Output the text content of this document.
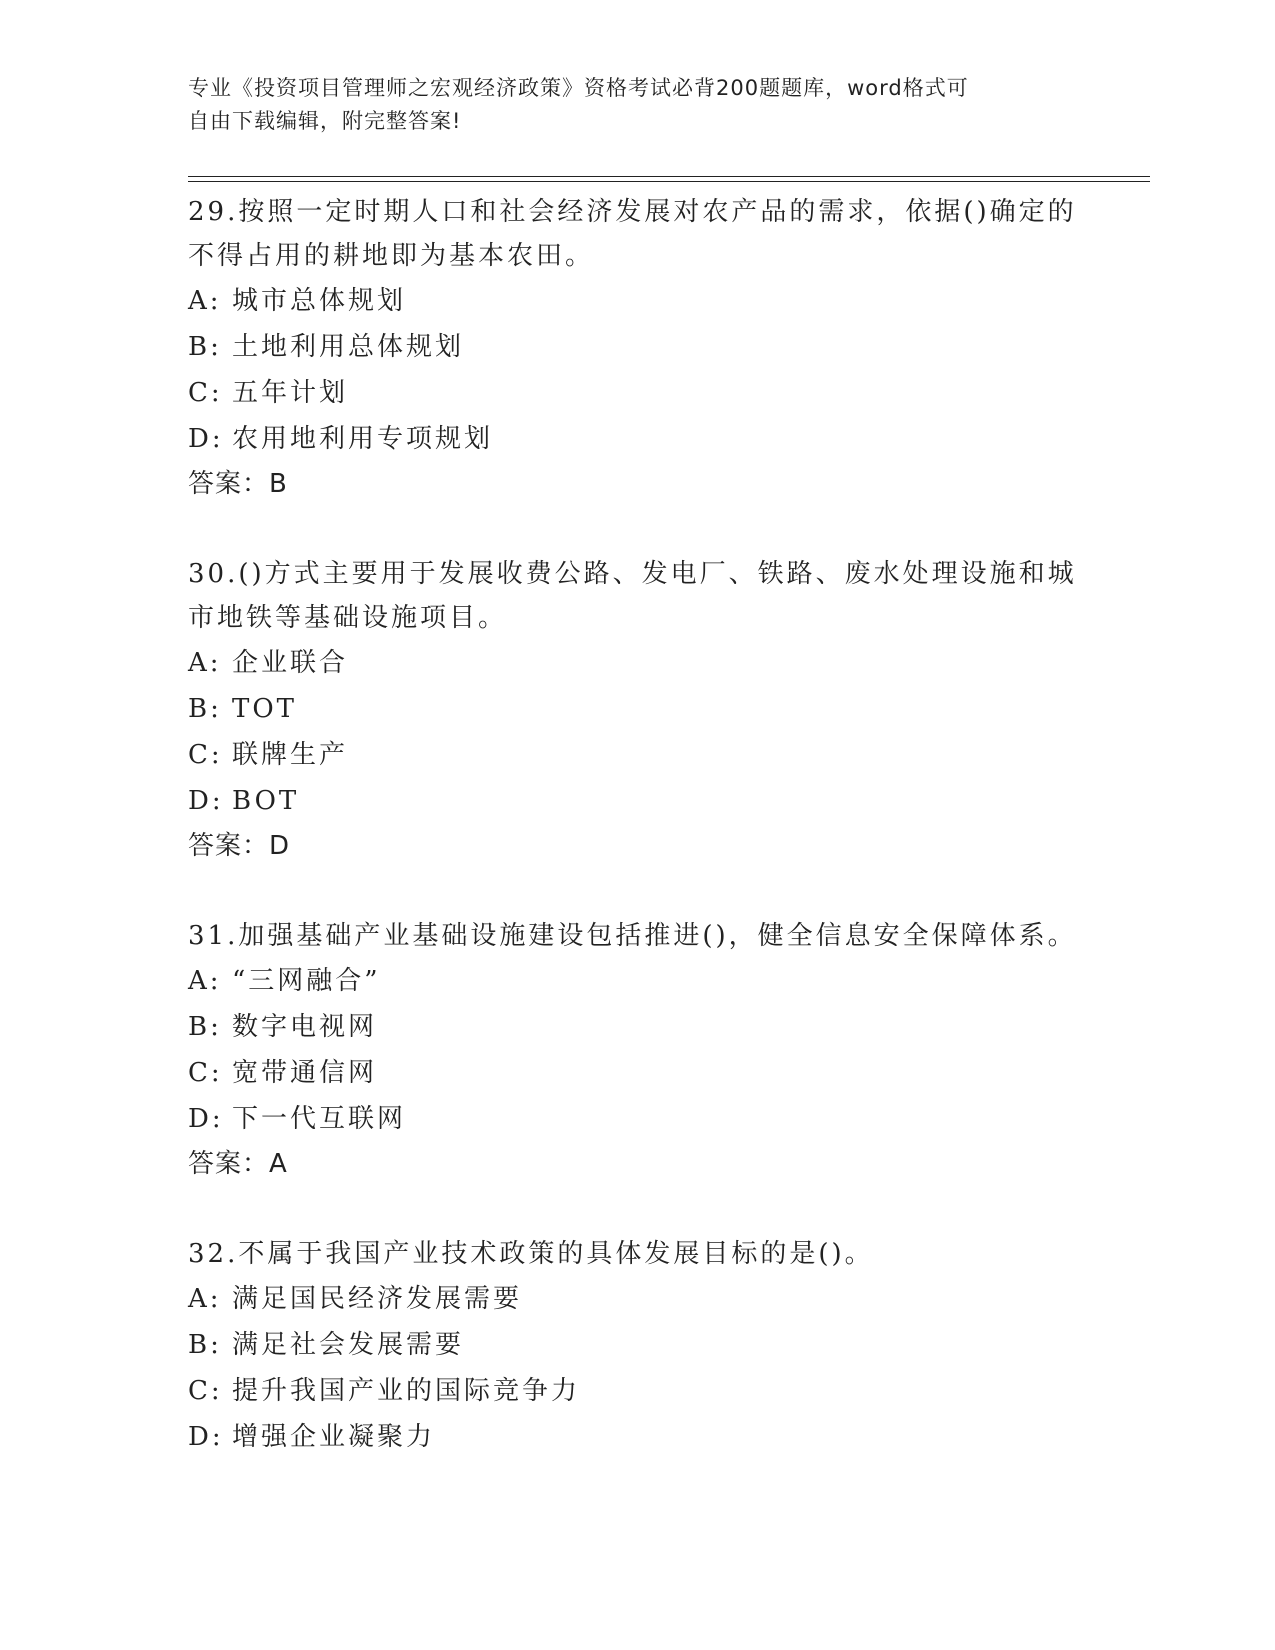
专业《投资项目管理师之宏观经济政策》资格考试必背200题题库，word格式可
自由下载编辑，附完整答案!
29.按照一定时期人口和社会经济发展对农产品的需求，依据()确定的
不得占用的耕地即为基本农田。
A: 城市总体规划
B: 土地利用总体规划
C: 五年计划
D: 农用地利用专项规划
答案：B
30.()方式主要用于发展收费公路、发电厂、铁路、废水处理设施和城
市地铁等基础设施项目。
A: 企业联合
B: TOT
C: 联牌生产
D: BOT
答案：D
31.加强基础产业基础设施建设包括推进()，健全信息安全保障体系。
A: “三网融合”
B: 数字电视网
C: 宽带通信网
D: 下一代互联网
答案：A
32.不属于我国产业技术政策的具体发展目标的是()。
A: 满足国民经济发展需要
B: 满足社会发展需要
C: 提升我国产业的国际竞争力
D: 增强企业凝聚力
